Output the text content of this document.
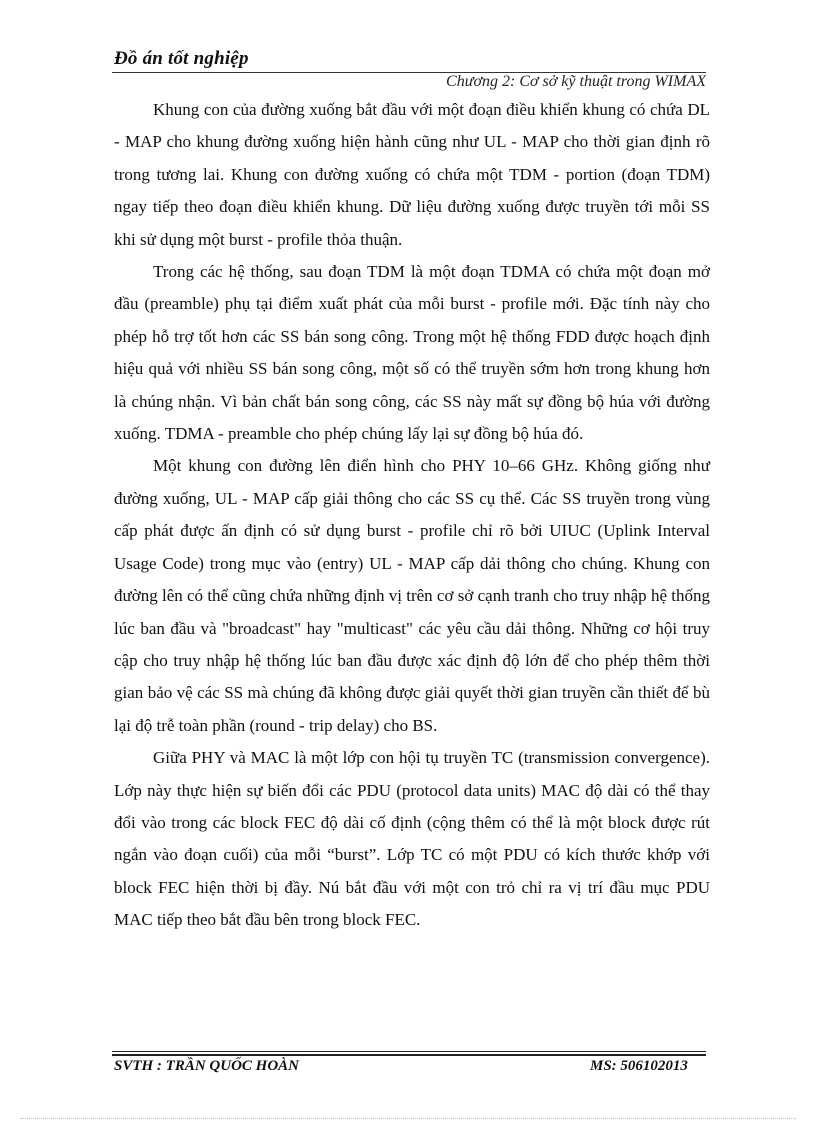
Đồ án tốt nghiệp

Chương 2: Cơ sở kỹ thuật trong WIMAX

Khung con của đường xuống bắt đầu với một đoạn điều khiển khung có chứa DL - MAP cho khung đường xuống hiện hành cũng như UL - MAP cho thời gian định rõ trong tương lai. Khung con đường xuống có chứa một TDM - portion (đoạn TDM) ngay tiếp theo đoạn điều khiển khung. Dữ liệu đường xuống được truyền tới mỗi SS khi sử dụng một burst - profile thỏa thuận.

Trong các hệ thống, sau đoạn TDM là một đoạn TDMA có chứa một đoạn mở đầu (preamble) phụ tại điểm xuất phát của mỗi burst - profile mới. Đặc tính này cho phép hỗ trợ tốt hơn các SS bán song công. Trong một hệ thống FDD được hoạch định hiệu quả với nhiều SS bán song công, một số có thể truyền sớm hơn trong khung hơn là chúng nhận. Vì bản chất bán song công, các SS này mất sự đồng bộ húa với đường xuống. TDMA - preamble cho phép chúng lấy lại sự đồng bộ húa đó.

Một khung con đường lên điển hình cho PHY 10–66 GHz. Không giống như đường xuống, UL - MAP cấp giải thông cho các SS cụ thể. Các SS truyền trong vùng cấp phát được ấn định có sử dụng burst - profile chỉ rõ bởi UIUC (Uplink Interval Usage Code) trong mục vào (entry) UL - MAP cấp dải thông cho chúng. Khung con đường lên có thể cũng chứa những định vị trên cơ sở cạnh tranh cho truy nhập hệ thống lúc ban đầu và "broadcast" hay "multicast" các yêu cầu dải thông. Những cơ hội truy cập cho truy nhập hệ thống lúc ban đầu được xác định độ lớn để cho phép thêm thời gian bảo vệ các SS mà chúng đã không được giải quyết thời gian truyền cần thiết để bù lại độ trễ toàn phần (round - trip delay) cho BS.

Giữa PHY và MAC là một lớp con hội tụ truyền TC (transmission convergence). Lớp này thực hiện sự biến đổi các PDU (protocol data units) MAC độ dài có thể thay đổi vào trong các block FEC độ dài cố định (cộng thêm có thể là một block được rút ngắn vào đoạn cuối) của mỗi “burst”. Lớp TC có một PDU có kích thước khớp với block FEC hiện thời bị đầy. Nú bắt đầu với một con trỏ chỉ ra vị trí đầu mục PDU MAC tiếp theo bắt đầu bên trong block FEC.

SVTH : TRẦN QUỐC HOÀN	MS: 506102013
